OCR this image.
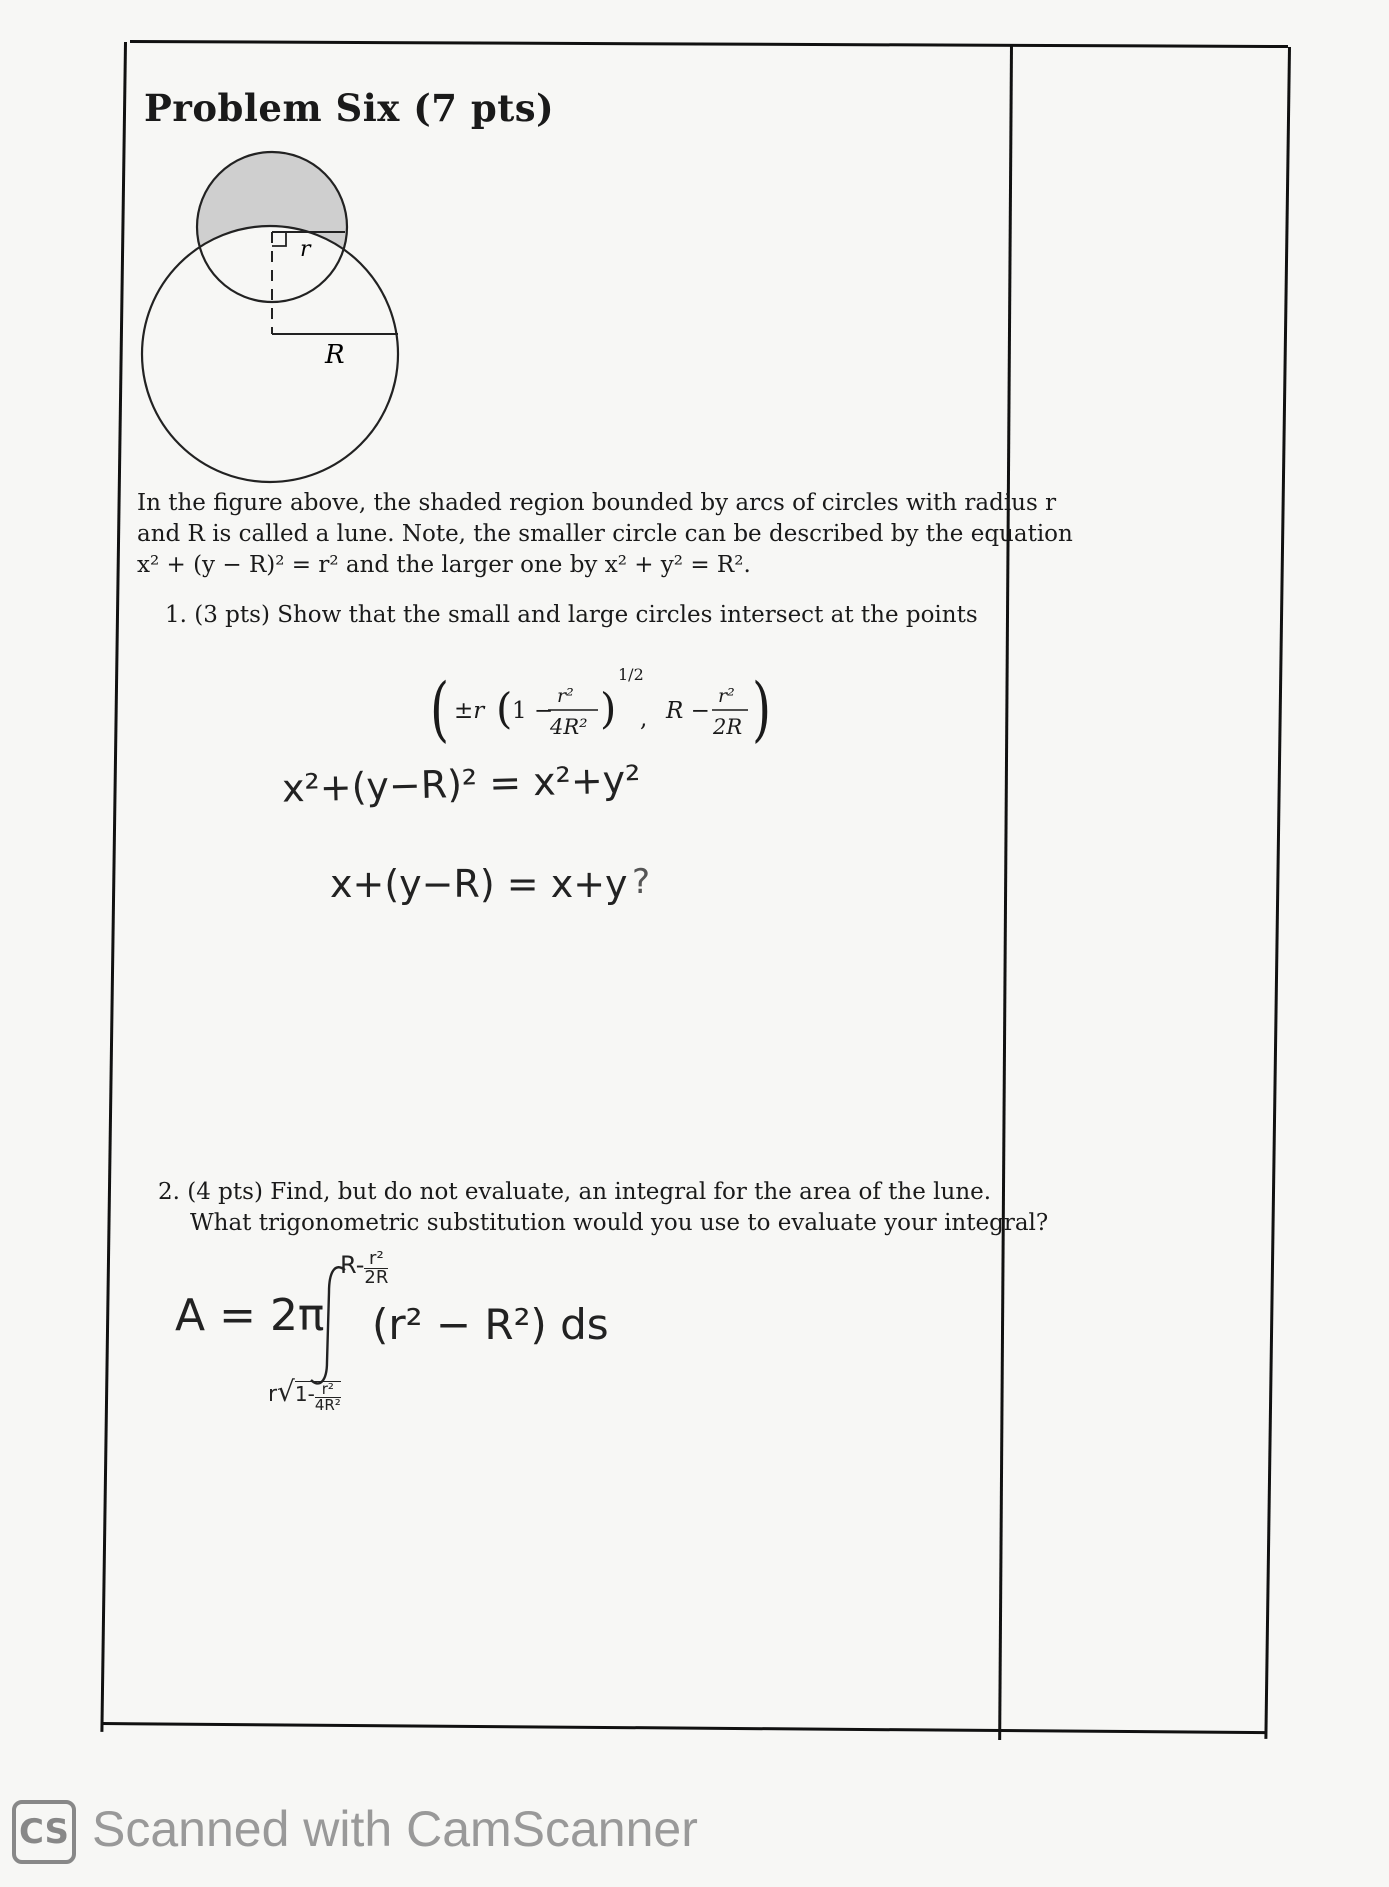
Problem Six (7 pts)
r
R
In the figure above, the shaded region bounded by arcs of circles with radius r
and R is called a lune. Note, the smaller circle can be described by the equation
x² + (y − R)² = r² and the larger one by x² + y² = R².
1. (3 pts) Show that the small and large circles intersect at the points
( ±r ( 1 −
r²
4R² )
1/2
, R −
r²
2R )
x²+(y−R)² = x²+y²
x+(y−R) = x+y ?
2. (4 pts) Find, but do not evaluate, an integral for the area of the lune.
What trigonometric substitution would you use to evaluate your integral?
A = 2π
$R- \frac{\text{r²}}{2R}$
(r² − R²) ds
$r√1- \frac{\text{r²}}{\text{4R²}}$
CS Scanned with CamScanner
